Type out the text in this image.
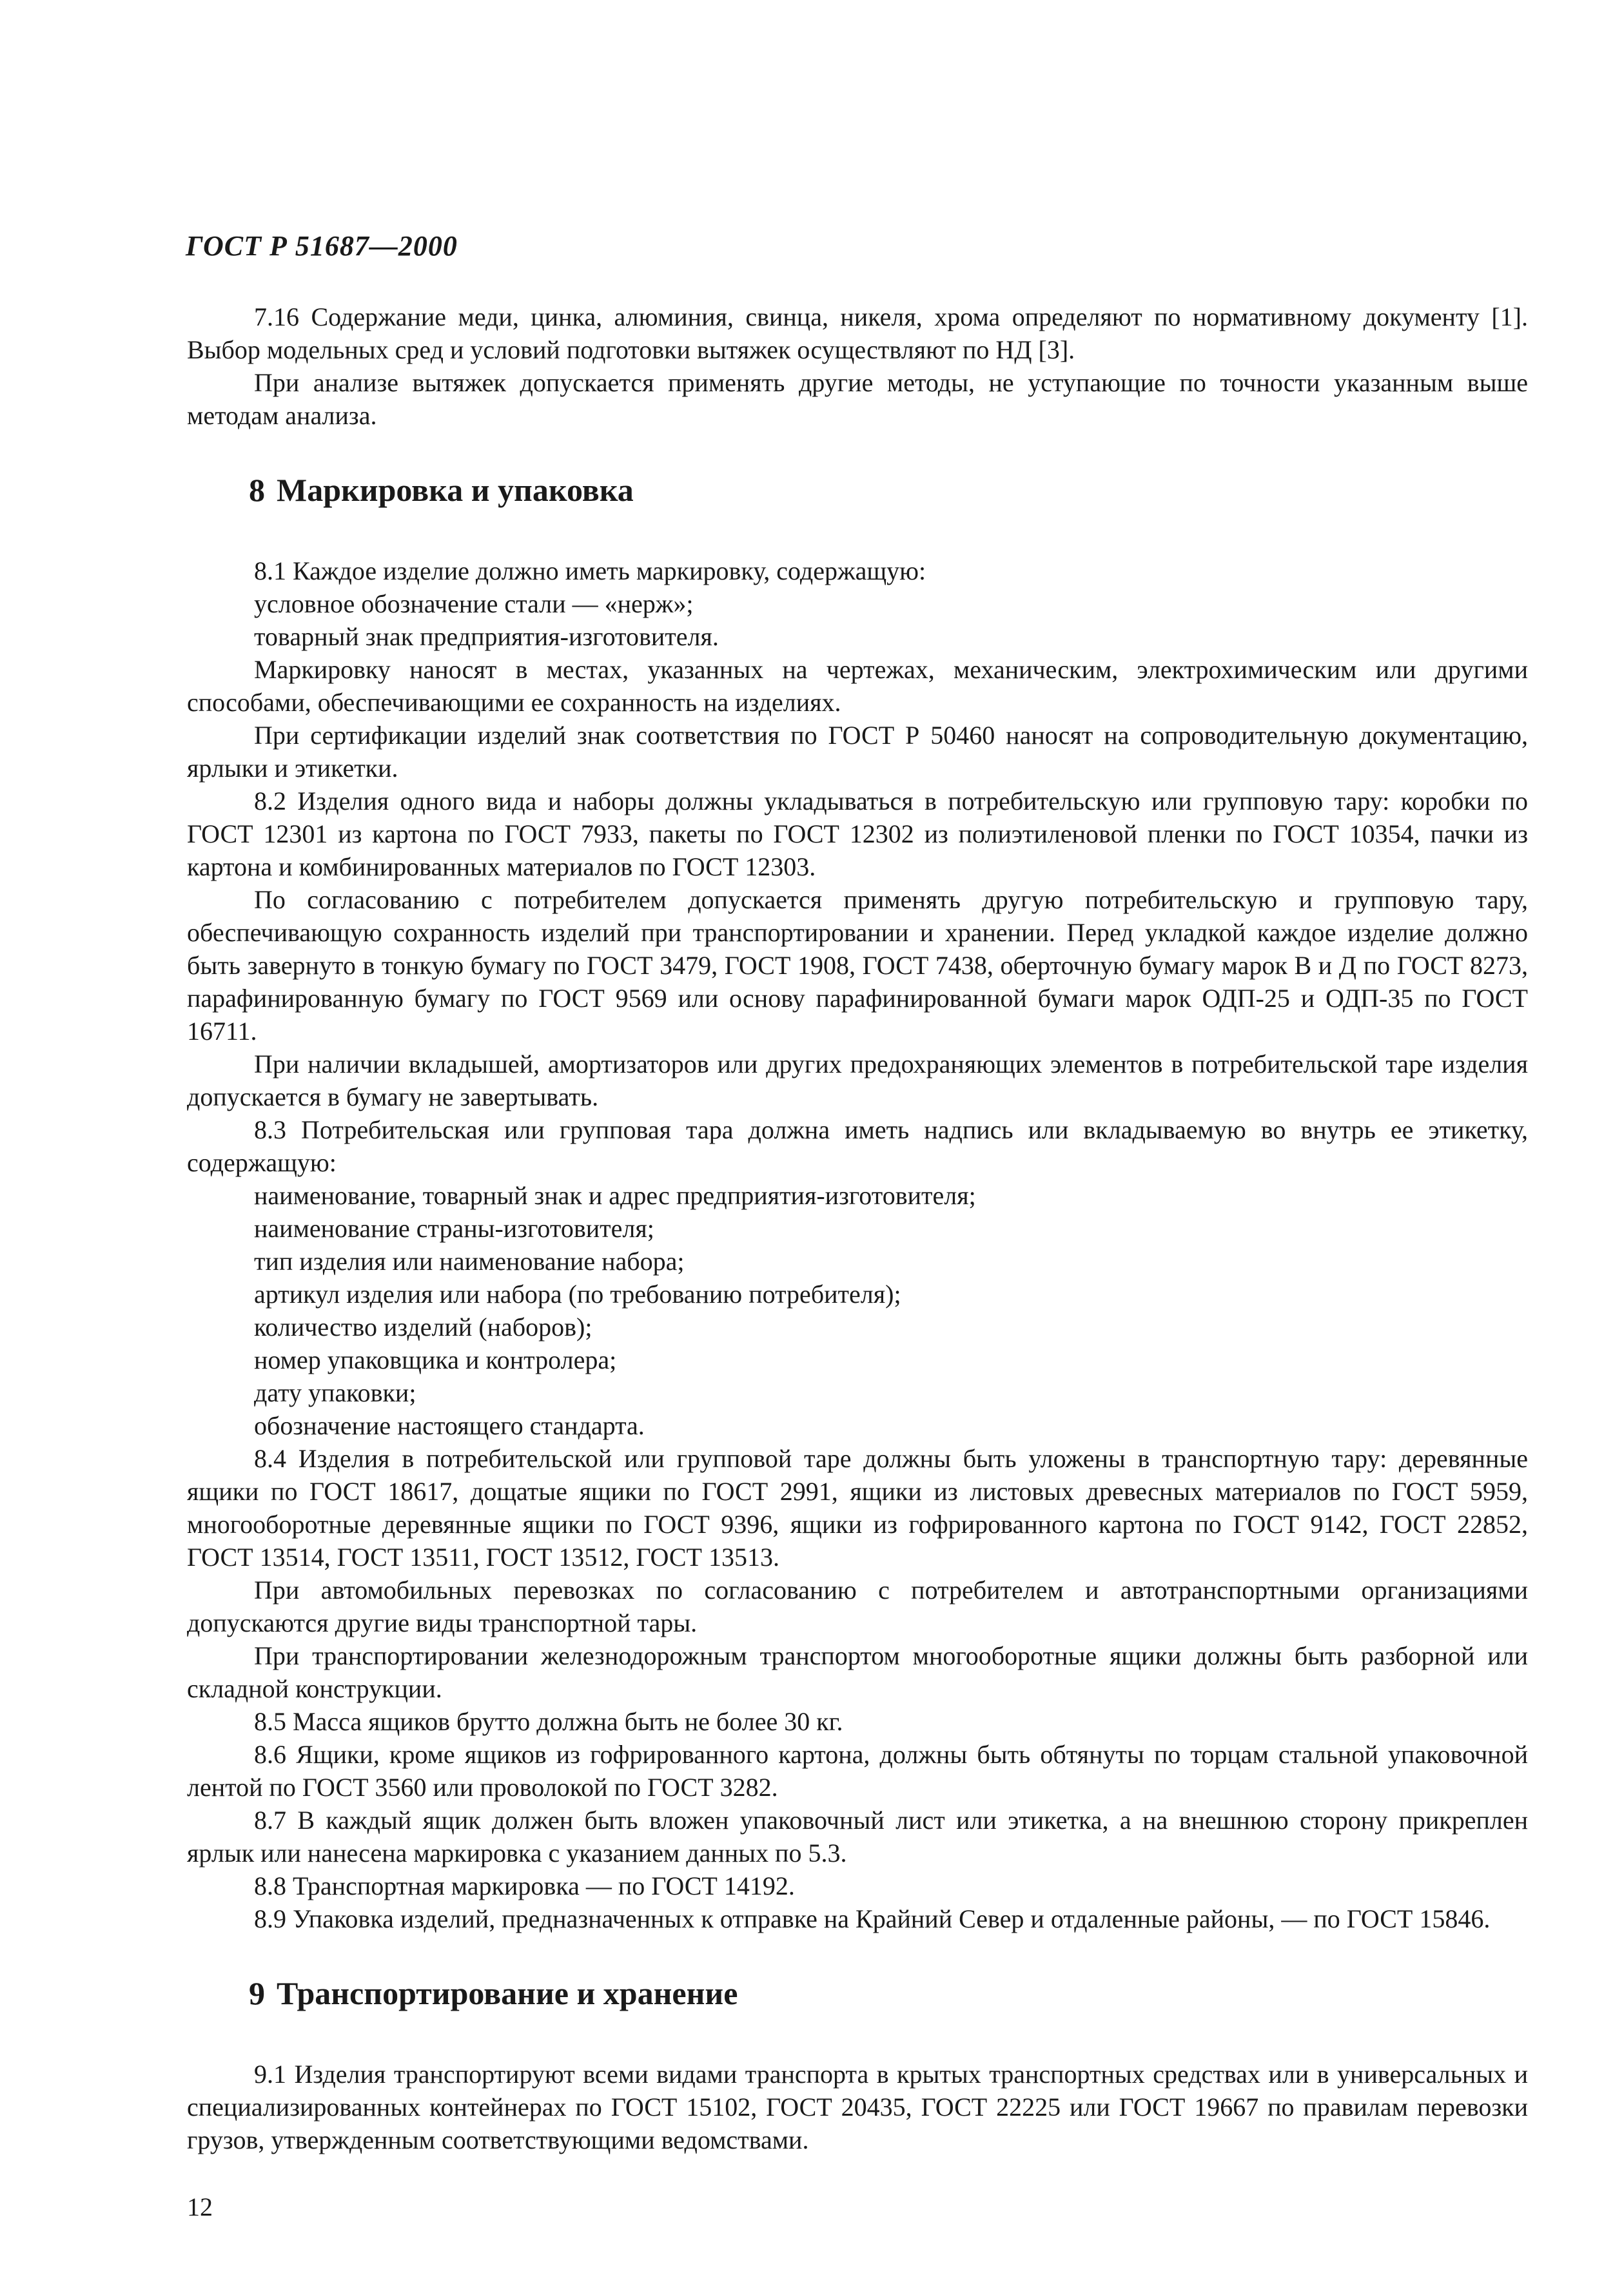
ГОСТ Р 51687—2000

7.16 Содержание меди, цинка, алюминия, свинца, никеля, хрома определяют по нормативному документу [1]. Выбор модельных сред и условий подготовки вытяжек осуществляют по НД [3].

При анализе вытяжек допускается применять другие методы, не уступающие по точности указанным выше методам анализа.

8 Маркировка и упаковка

8.1 Каждое изделие должно иметь маркировку, содержащую:

условное обозначение стали — «нерж»;

товарный знак предприятия-изготовителя.

Маркировку наносят в местах, указанных на чертежах, механическим, электрохимическим или другими способами, обеспечивающими ее сохранность на изделиях.

При сертификации изделий знак соответствия по ГОСТ Р 50460 наносят на сопроводительную документацию, ярлыки и этикетки.

8.2 Изделия одного вида и наборы должны укладываться в потребительскую или групповую тару: коробки по ГОСТ 12301 из картона по ГОСТ 7933, пакеты по ГОСТ 12302 из полиэтиленовой пленки по ГОСТ 10354, пачки из картона и комбинированных материалов по ГОСТ 12303.

По согласованию с потребителем допускается применять другую потребительскую и групповую тару, обеспечивающую сохранность изделий при транспортировании и хранении. Перед укладкой каждое изделие должно быть завернуто в тонкую бумагу по ГОСТ 3479, ГОСТ 1908, ГОСТ 7438, оберточную бумагу марок В и Д по ГОСТ 8273, парафинированную бумагу по ГОСТ 9569 или основу парафинированной бумаги марок ОДП-25 и ОДП-35 по ГОСТ 16711.

При наличии вкладышей, амортизаторов или других предохраняющих элементов в потребительской таре изделия допускается в бумагу не завертывать.

8.3 Потребительская или групповая тара должна иметь надпись или вкладываемую во внутрь ее этикетку, содержащую:

наименование, товарный знак и адрес предприятия-изготовителя;

наименование страны-изготовителя;

тип изделия или наименование набора;

артикул изделия или набора (по требованию потребителя);

количество изделий (наборов);

номер упаковщика и контролера;

дату упаковки;

обозначение настоящего стандарта.

8.4 Изделия в потребительской или групповой таре должны быть уложены в транспортную тару: деревянные ящики по ГОСТ 18617, дощатые ящики по ГОСТ 2991, ящики из листовых древесных материалов по ГОСТ 5959, многооборотные деревянные ящики по ГОСТ 9396, ящики из гофрированного картона по ГОСТ 9142, ГОСТ 22852, ГОСТ 13514, ГОСТ 13511, ГОСТ 13512, ГОСТ 13513.

При автомобильных перевозках по согласованию с потребителем и автотранспортными организациями допускаются другие виды транспортной тары.

При транспортировании железнодорожным транспортом многооборотные ящики должны быть разборной или складной конструкции.

8.5 Масса ящиков брутто должна быть не более 30 кг.

8.6 Ящики, кроме ящиков из гофрированного картона, должны быть обтянуты по торцам стальной упаковочной лентой по ГОСТ 3560 или проволокой по ГОСТ 3282.

8.7 В каждый ящик должен быть вложен упаковочный лист или этикетка, а на внешнюю сторону прикреплен ярлык или нанесена маркировка с указанием данных по 5.3.

8.8 Транспортная маркировка — по ГОСТ 14192.

8.9 Упаковка изделий, предназначенных к отправке на Крайний Север и отдаленные районы, — по ГОСТ 15846.

9 Транспортирование и хранение

9.1 Изделия транспортируют всеми видами транспорта в крытых транспортных средствах или в универсальных и специализированных контейнерах по ГОСТ 15102, ГОСТ 20435, ГОСТ 22225 или ГОСТ 19667 по правилам перевозки грузов, утвержденным соответствующими ведомствами.

12
